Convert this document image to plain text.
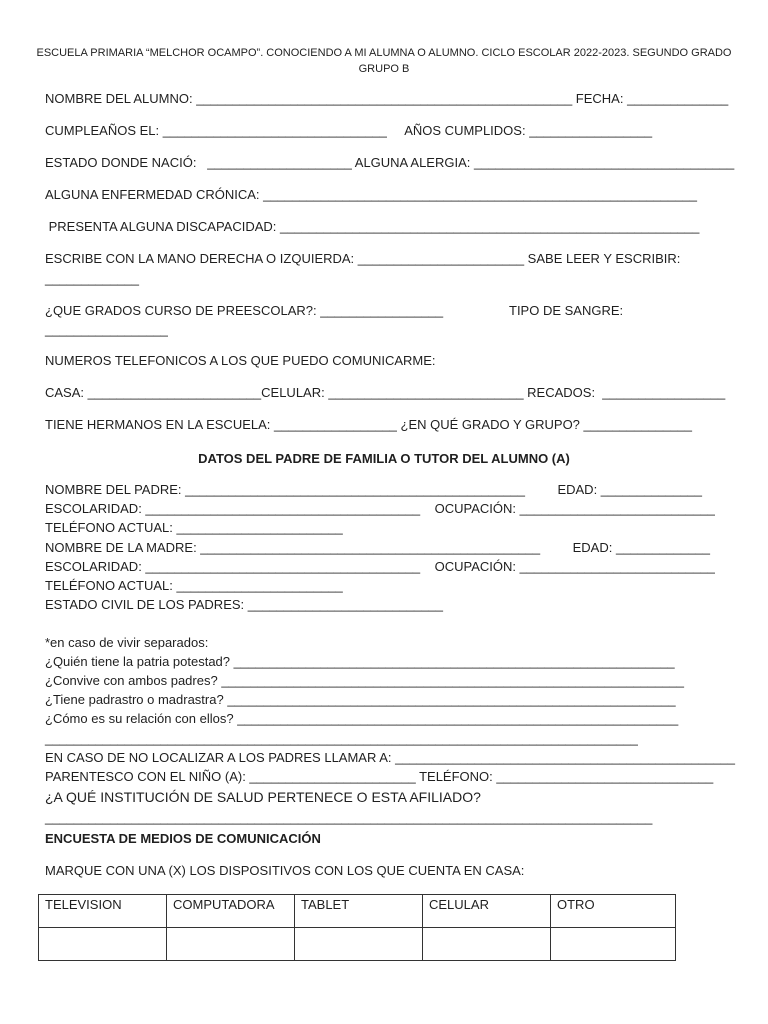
ESCUELA PRIMARIA “MELCHOR OCAMPO”. CONOCIENDO A MI ALUMNA O ALUMNO. CICLO ESCOLAR 2022-2023. SEGUNDO GRADO
GRUPO B
NOMBRE DEL ALUMNO: ____________________________________________________ FECHA: ______________
CUMPLEAÑOS EL: _______________________________     AÑOS CUMPLIDOS: _________________
ESTADO DONDE NACIÓ:   ____________________ ALGUNA ALERGIA: ____________________________________
ALGUNA ENFERMEDAD CRÓNICA: ____________________________________________________________
PRESENTA ALGUNA DISCAPACIDAD: __________________________________________________________
ESCRIBE CON LA MANO DERECHA O IZQUIERDA: _______________________ SABE LEER Y ESCRIBIR:
_____________
¿QUE GRADOS CURSO DE PREESCOLAR?: _________________	TIPO DE SANGRE:
_________________
NUMEROS TELEFONICOS A LOS QUE PUEDO COMUNICARME:
CASA: ________________________CELULAR: ___________________________ RECADOS:  _________________
TIENE HERMANOS EN LA ESCUELA: _________________ ¿EN QUÉ GRADO Y GRUPO? _______________
DATOS DEL PADRE DE FAMILIA O TUTOR DEL ALUMNO (A)
NOMBRE DEL PADRE: _______________________________________________         EDAD: ______________
ESCOLARIDAD: ______________________________________    OCUPACIÓN: ___________________________
TELÉFONO ACTUAL: _______________________
NOMBRE DE LA MADRE: _______________________________________________         EDAD: _____________
ESCOLARIDAD: ______________________________________    OCUPACIÓN: ___________________________
TELÉFONO ACTUAL: _______________________
ESTADO CIVIL DE LOS PADRES: ___________________________
*en caso de vivir separados:
¿Quién tiene la patria potestad? _____________________________________________________________
¿Convive con ambos padres? ________________________________________________________________
¿Tiene padrastro o madrastra? ______________________________________________________________
¿Cómo es su relación con ellos? _____________________________________________________________
__________________________________________________________________________________
EN CASO DE NO LOCALIZAR A LOS PADRES LLAMAR A: _______________________________________________
PARENTESCO CON EL NIÑO (A): _______________________ TELÉFONO: ______________________________
¿A QUÉ INSTITUCIÓN DE SALUD PERTENECE O ESTA AFILIADO?
____________________________________________________________________________________
ENCUESTA DE MEDIOS DE COMUNICACIÓN
MARQUE CON UNA (X) LOS DISPOSITIVOS CON LOS QUE CUENTA EN CASA:
TELEVISION	COMPUTADORA	TABLET	CELULAR	OTRO
